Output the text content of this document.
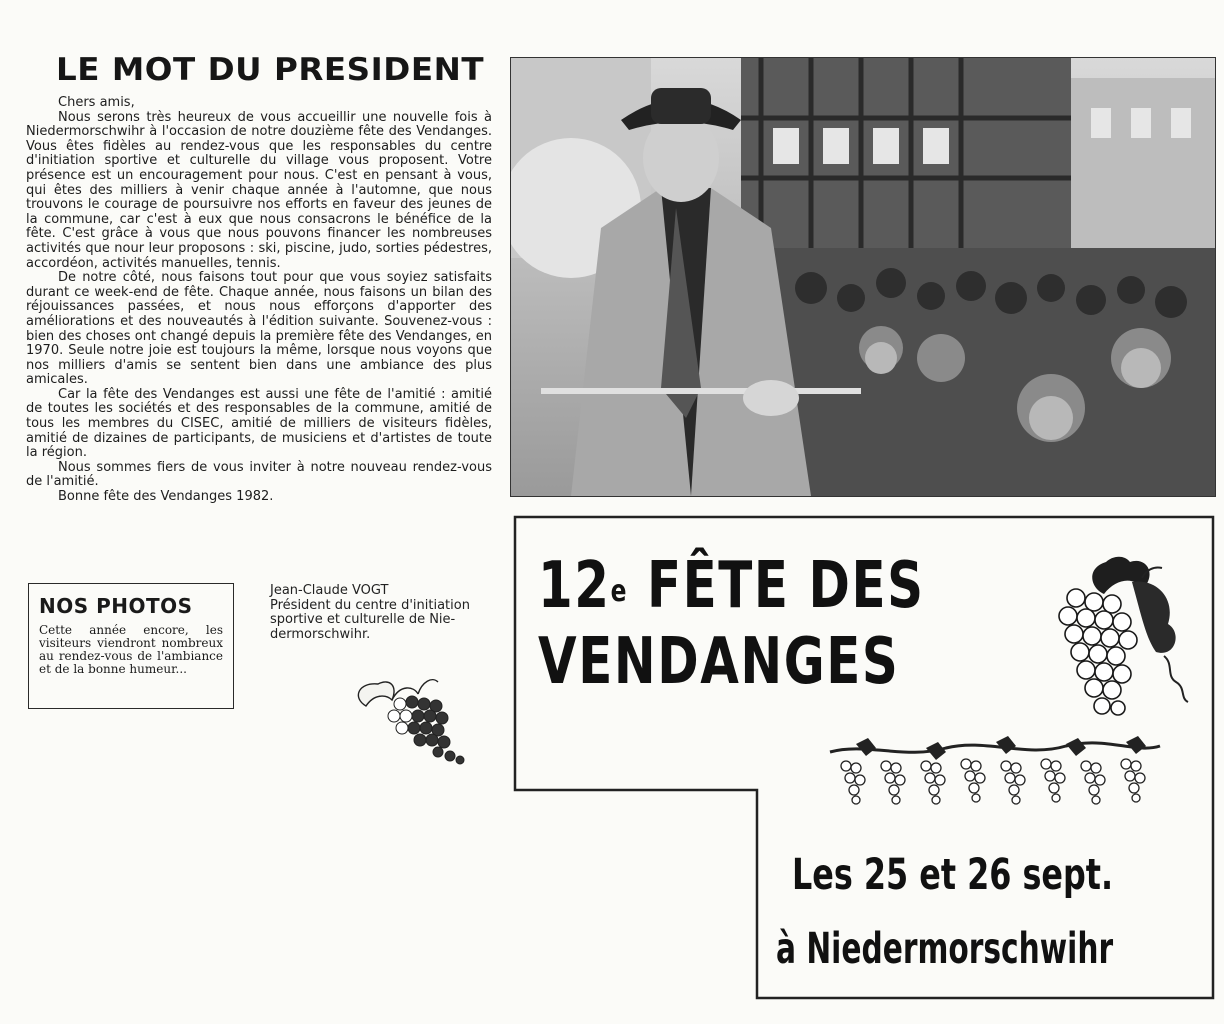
LE MOT DU PRESIDENT

Chers amis,

Nous serons très heureux de vous accueillir une nouvelle fois à Niedermorschwihr à l'occasion de notre douzième fête des Vendanges. Vous êtes fidèles au rendez-vous que les responsables du centre d'initiation sportive et culturelle du village vous proposent. Votre présence est un encouragement pour nous. C'est en pensant à vous, qui êtes des milliers à venir chaque année à l'automne, que nous trouvons le courage de poursuivre nos efforts en faveur des jeunes de la commune, car c'est à eux que nous consacrons le bénéfice de la fête. C'est grâce à vous que nous pouvons financer les nombreuses activités que nour leur proposons : ski, piscine, judo, sorties pédestres, accordéon, activités manuelles, tennis.

De notre côté, nous faisons tout pour que vous soyiez satisfaits durant ce week-end de fête. Chaque année, nous faisons un bilan des réjouissances passées, et nous nous efforçons d'apporter des améliorations et des nouveautés à l'édition suivante. Souvenez-vous : bien des choses ont changé depuis la première fête des Vendanges, en 1970. Seule notre joie est toujours la même, lorsque nous voyons que nos milliers d'amis se sentent bien dans une ambiance des plus amicales.

Car la fête des Vendanges est aussi une fête de l'amitié : amitié de toutes les sociétés et des responsables de la commune, amitié de tous les membres du CISEC, amitié de milliers de visiteurs fidèles, amitié de dizaines de participants, de musiciens et d'artistes de toute la région.

Nous sommes fiers de vous inviter à notre nouveau rendez-vous de l'amitié.

Bonne fête des Vendanges 1982.

NOS PHOTOS

Cette année encore, les visiteurs viendront nombreux au rendez-vous de l'ambiance et de la bonne humeur...

Jean-Claude VOGT
Président du centre d'initiation
sportive et culturelle de Nie-
dermorschwihr.
12e FÊTE DES
VENDANGES

Les 25 et 26 sept.

à Niedermorschwihr
